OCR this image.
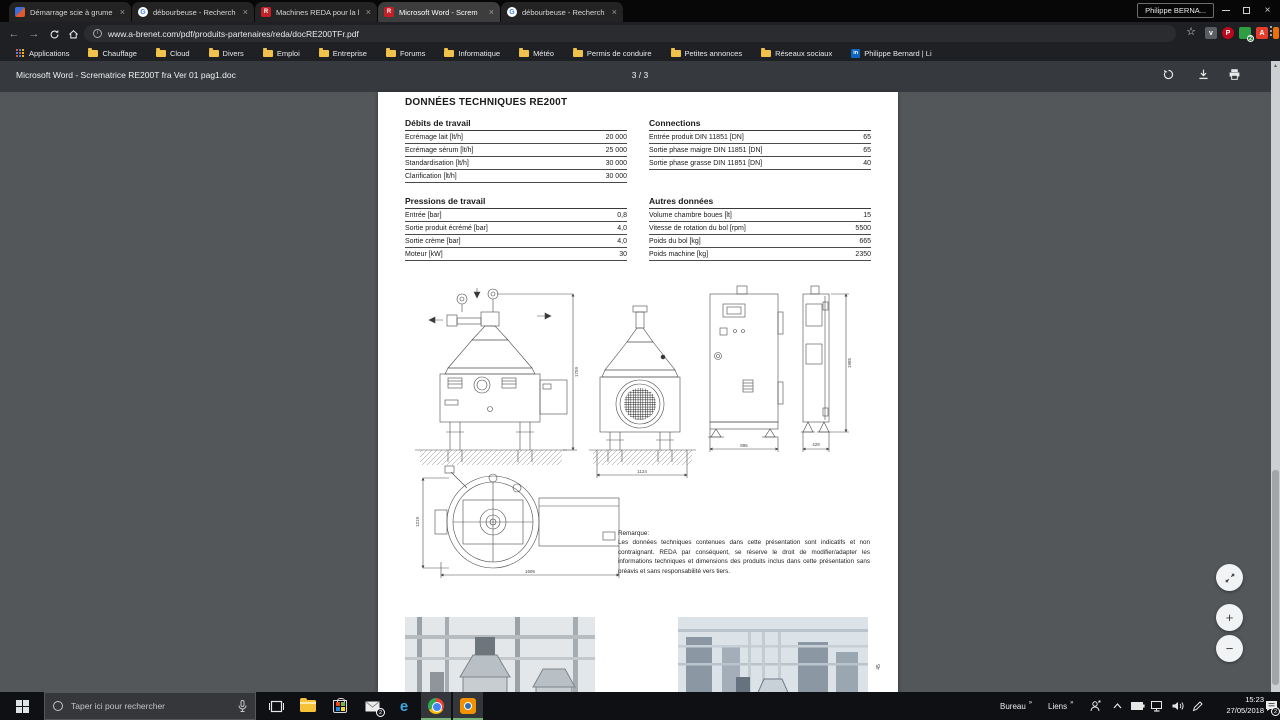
Démarrage scie à grume ×	G débourbeuse - Recherch ×	R	Machines REDA pour la l ×	R	Microsoft Word - Screm	×	G débourbeuse - Recherch ×	Philippe BERNA...	×
← →	i	www.a-brenet.com/pdf/produits-partenaires/reda/docRE200TFr.pdf	☆	v	P
2
A
Applications	Chauffage	Cloud	Divers	Emploi	Entreprise	Forums	Informatique	Météo	Permis de conduire	Petites annonces	Réseaux sociaux	in Philippe Bernard | Li
Microsoft Word - Scrematrice RE200T fra Ver 01 pag1.doc	3 / 3
DONNÉES TECHNIQUES RE200T
Débits de travail
Ecrémage lait [lt/h]	20 000
Ecrémage sérum [lt/h]	25 000
Standardisation [lt/h]	30 000
Clarification [lt/h]	30 000
Connections
Entrée produit DIN 11851 [DN]	65
Sortie phase maigre DIN 11851 [DN]	65
Sortie phase grasse DIN 11851 [DN]	40
Pressions de travail
Entrée [bar]	0,8
Sortie produit écrémé [bar]	4,0
Sortie crème [bar]	4,0
Moteur [kW]	30
Autres données
Volume chambre boues [lt]	15
Vitesse de rotation du bol [rpm]	5500
Poids du bol [kg]	665
Poids machine [kg]	2350
1759
1124
895	429
1985
1219
1695
Remarque:
Les données techniques contenues dans cette présentation sont indicatifs et non contraignant. REDA par conséquent, se réserve le droit de modifier/adapter les informations techniques et dimensions des produits inclus dans cette présentation sans préavis et sans responsabilité vers tiers.
45
+
−
▲
Taper ici pour rechercher
2 e	Bureau » Liens »	15:23
27/05/2018	2
